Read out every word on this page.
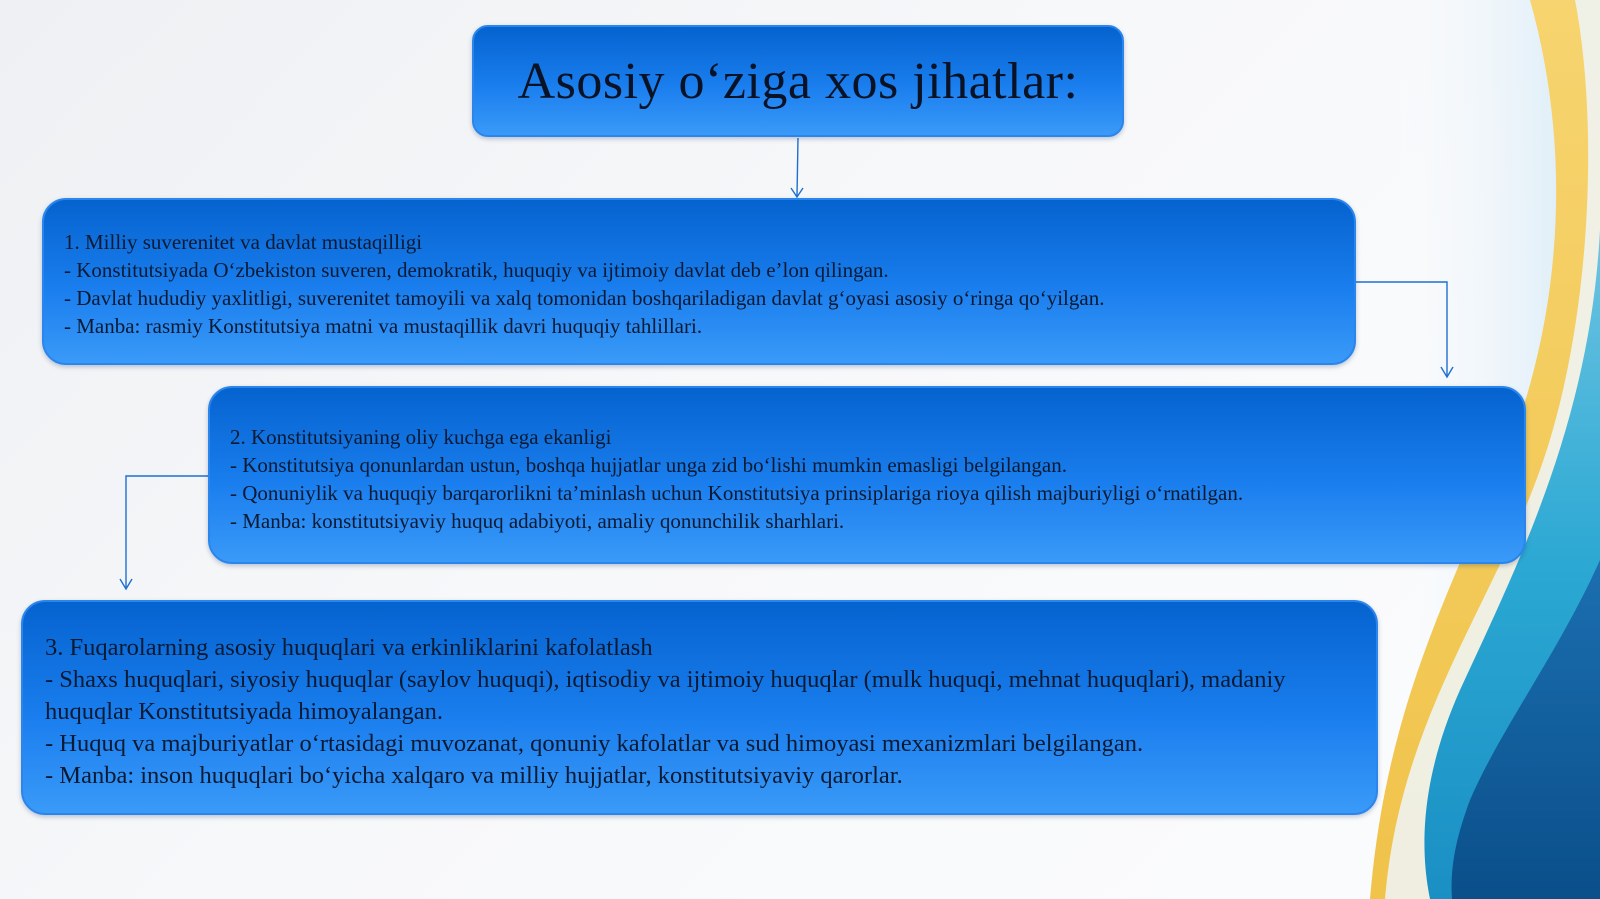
Asosiy o‘ziga xos jihatlar:
1. Milliy suverenitet va davlat mustaqilligi
- Konstitutsiyada O‘zbekiston suveren, demokratik, huquqiy va ijtimoiy davlat deb e’lon qilingan.
- Davlat hududiy yaxlitligi, suverenitet tamoyili va xalq tomonidan boshqariladigan davlat g‘oyasi asosiy o‘ringa qo‘yilgan.
- Manba: rasmiy Konstitutsiya matni va mustaqillik davri huquqiy tahlillari.
2. Konstitutsiyaning oliy kuchga ega ekanligi
- Konstitutsiya qonunlardan ustun, boshqa hujjatlar unga zid bo‘lishi mumkin emasligi belgilangan.
- Qonuniylik va huquqiy barqarorlikni ta’minlash uchun Konstitutsiya prinsiplariga rioya qilish majburiyligi o‘rnatilgan.
- Manba: konstitutsiyaviy huquq adabiyoti, amaliy qonunchilik sharhlari.
3. Fuqarolarning asosiy huquqlari va erkinliklarini kafolatlash
- Shaxs huquqlari, siyosiy huquqlar (saylov huquqi), iqtisodiy va ijtimoiy huquqlar (mulk huquqi, mehnat huquqlari), madaniy huquqlar Konstitutsiyada himoyalangan.
- Huquq va majburiyatlar o‘rtasidagi muvozanat, qonuniy kafolatlar va sud himoyasi mexanizmlari belgilangan.
- Manba: inson huquqlari bo‘yicha xalqaro va milliy hujjatlar, konstitutsiyaviy qarorlar.
